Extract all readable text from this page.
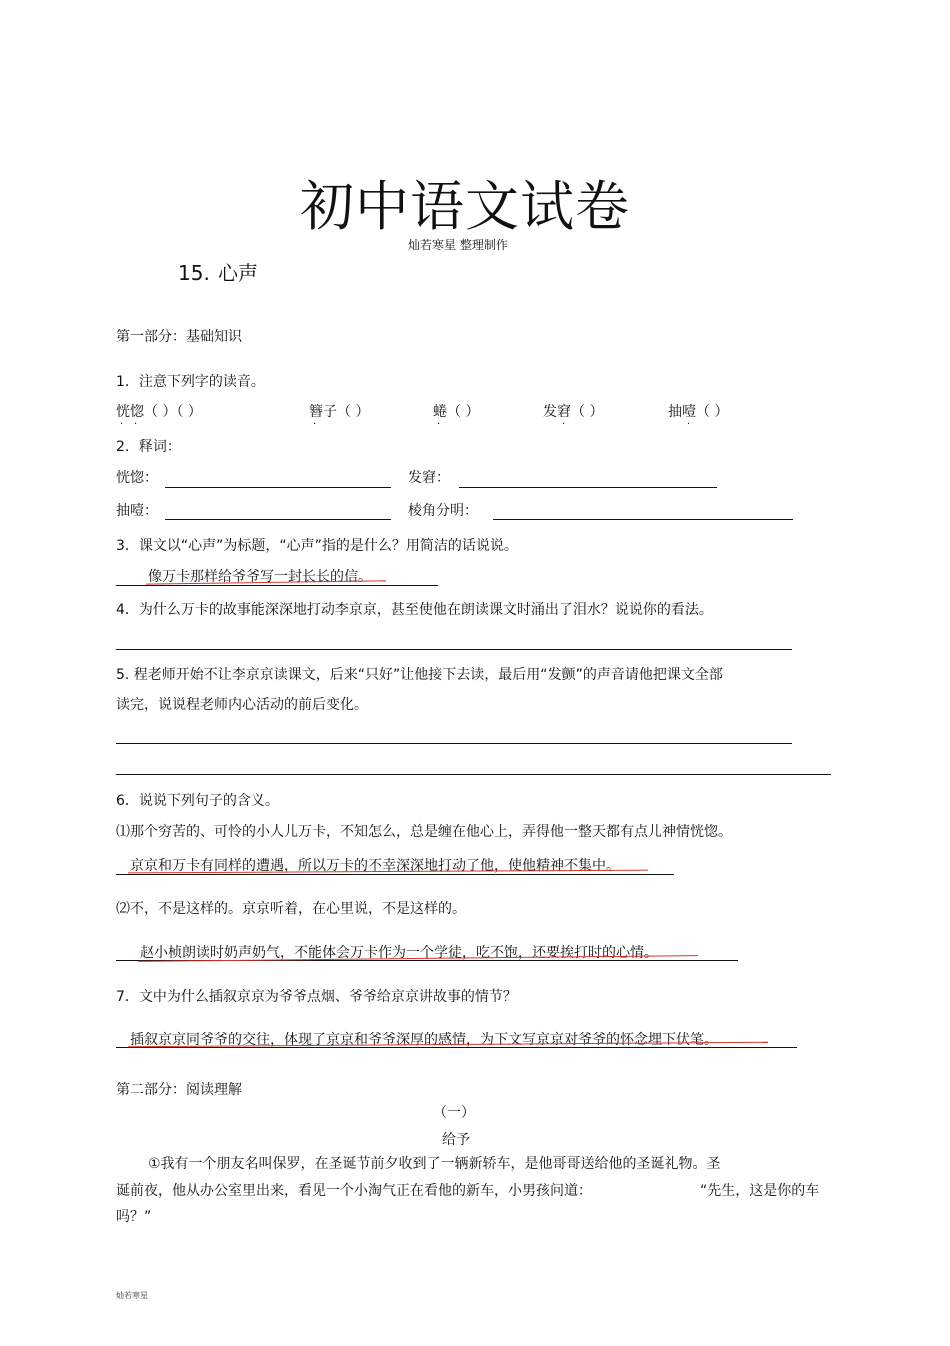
初中语文试卷
灿若寒星 整理制作
15. 心声
第一部分：基础知识
1．注意下列字的读音。
恍惚（ ）（ ）	簪子（ ）	蜷（ ）	发窘（ ）	抽噎（ ）
· ·	·	·	·	·
2．释词：
恍惚：	发窘：
抽噎：	棱角分明：
3．课文以“心声”为标题，“心声”指的是什么？用简洁的话说说。
像万卡那样给爷爷写一封长长的信。
4．为什么万卡的故事能深深地打动李京京，甚至使他在朗读课文时涌出了泪水？说说你的看法。
5. 程老师开始不让李京京读课文，后来“只好”让他接下去读，最后用“发颤”的声音请他把课文全部
读完，说说程老师内心活动的前后变化。
6．说说下列句子的含义。
⑴那个穷苦的、可怜的小人儿万卡，不知怎么，总是缠在他心上，弄得他一整天都有点儿神情恍惚。
京京和万卡有同样的遭遇，所以万卡的不幸深深地打动了他，使他精神不集中。
⑵不，不是这样的。京京听着，在心里说，不是这样的。
赵小桢朗读时奶声奶气，不能体会万卡作为一个学徒，吃不饱，还要挨打时的心情。
7．文中为什么插叙京京为爷爷点烟、爷爷给京京讲故事的情节？
插叙京京同爷爷的交往，体现了京京和爷爷深厚的感情，为下文写京京对爷爷的怀念埋下伏笔。
第二部分：阅读理解
（一）
给予
①我有一个朋友名叫保罗，在圣诞节前夕收到了一辆新轿车，是他哥哥送给他的圣诞礼物。圣
诞前夜，他从办公室里出来，看见一个小淘气正在看他的新车，小男孩问道：	“先生，这是你的车
吗？”
灿若寒星
